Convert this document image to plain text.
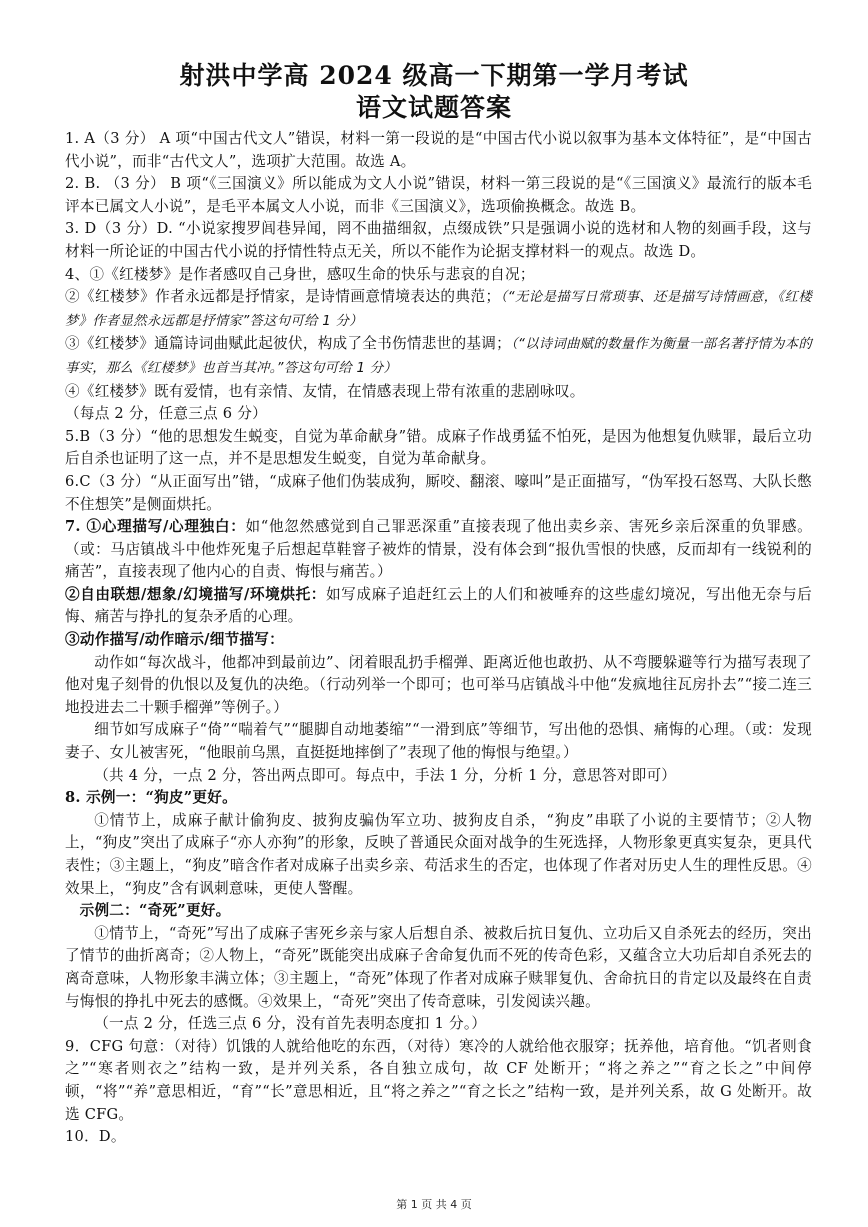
射洪中学高 2024 级高一下期第一学月考试
语文试题答案

1. A（3 分） A 项“中国古代文人”错误，材料一第一段说的是“中国古代小说以叙事为基本文体特征”，是“中国古代小说”，而非“古代文人”，选项扩大范围。故选 A。

2. B. （3 分） B 项“《三国演义》所以能成为文人小说”错误，材料一第三段说的是“《三国演义》最流行的版本毛评本已属文人小说”，是毛平本属文人小说，而非《三国演义》，选项偷换概念。故选 B。

3. D（3 分）D. “小说家搜罗闾巷异闻，罔不曲描细叙，点缀成铁”只是强调小说的选材和人物的刻画手段，这与材料一所论证的中国古代小说的抒情性特点无关，所以不能作为论据支撑材料一的观点。故选 D。

4、①《红楼梦》是作者感叹自己身世，感叹生命的快乐与悲哀的自况；

②《红楼梦》作者永远都是抒情家，是诗情画意情境表达的典范；（“无论是描写日常琐事、还是描写诗情画意，《红楼梦》作者显然永远都是抒情家”答这句可给 1 分）

③《红楼梦》通篇诗词曲赋此起彼伏，构成了全书伤情悲世的基调；（“以诗词曲赋的数量作为衡量一部名著抒情为本的事实，那么《红楼梦》也首当其冲。”答这句可给 1 分）

④《红楼梦》既有爱情，也有亲情、友情，在情感表现上带有浓重的悲剧咏叹。

（每点 2 分，任意三点 6 分）

5.B（3 分）“他的思想发生蜕变，自觉为革命献身”错。成麻子作战勇猛不怕死，是因为他想复仇赎罪，最后立功后自杀也证明了这一点，并不是思想发生蜕变，自觉为革命献身。

6.C（3 分）“从正面写出”错，“成麻子他们伪装成狗，厮咬、翻滚、嚎叫”是正面描写，“伪军投石怒骂、大队长憋不住想笑”是侧面烘托。

7. ①心理描写/心理独白：如“他忽然感觉到自己罪恶深重”直接表现了他出卖乡亲、害死乡亲后深重的负罪感。（或：马店镇战斗中他炸死鬼子后想起草鞋窨子被炸的情景，没有体会到“报仇雪恨的快感，反而却有一线锐利的痛苦”，直接表现了他内心的自责、悔恨与痛苦。）

②自由联想/想象/幻境描写/环境烘托：如写成麻子追赶红云上的人们和被唾弃的这些虚幻境况，写出他无奈与后悔、痛苦与挣扎的复杂矛盾的心理。

③动作描写/动作暗示/细节描写：

动作如“每次战斗，他都冲到最前边”、闭着眼乱扔手榴弹、距离近他也敢扔、从不弯腰躲避等行为描写表现了他对鬼子刻骨的仇恨以及复仇的决绝。（行动列举一个即可；也可举马店镇战斗中他“发疯地往瓦房扑去”“接二连三地投进去二十颗手榴弹”等例子。）

细节如写成麻子“倚”“喘着气”“腿脚自动地萎缩”“一滑到底”等细节，写出他的恐惧、痛悔的心理。（或：发现妻子、女儿被害死，“他眼前乌黑，直挺挺地摔倒了”表现了他的悔恨与绝望。）

（共 4 分，一点 2 分，答出两点即可。每点中，手法 1 分，分析 1 分，意思答对即可）

8. 示例一：“狗皮”更好。

①情节上，成麻子献计偷狗皮、披狗皮骗伪军立功、披狗皮自杀，“狗皮”串联了小说的主要情节；②人物上，“狗皮”突出了成麻子“亦人亦狗”的形象，反映了普通民众面对战争的生死选择，人物形象更真实复杂，更具代表性；③主题上，“狗皮”暗含作者对成麻子出卖乡亲、苟活求生的否定，也体现了作者对历史人生的理性反思。④效果上，“狗皮”含有讽刺意味，更使人警醒。

示例二：“奇死”更好。

①情节上，“奇死”写出了成麻子害死乡亲与家人后想自杀、被救后抗日复仇、立功后又自杀死去的经历，突出了情节的曲折离奇；②人物上，“奇死”既能突出成麻子舍命复仇而不死的传奇色彩，又蕴含立大功后却自杀死去的离奇意味，人物形象丰满立体；③主题上，“奇死”体现了作者对成麻子赎罪复仇、舍命抗日的肯定以及最终在自责与悔恨的挣扎中死去的感慨。④效果上，“奇死”突出了传奇意味，引发阅读兴趣。

（一点 2 分，任选三点 6 分，没有首先表明态度扣 1 分。）

9．CFG 句意：（对待）饥饿的人就给他吃的东西，（对待）寒冷的人就给他衣服穿；抚养他，培育他。“饥者则食之”“寒者则衣之”结构一致，是并列关系，各自独立成句，故 CF 处断开；“将之养之”“育之长之”中间停顿，“将”“养”意思相近，“育”“长”意思相近，且“将之养之”“育之长之”结构一致，是并列关系，故 G 处断开。故选 CFG。

10．D。

第 1 页 共 4 页
